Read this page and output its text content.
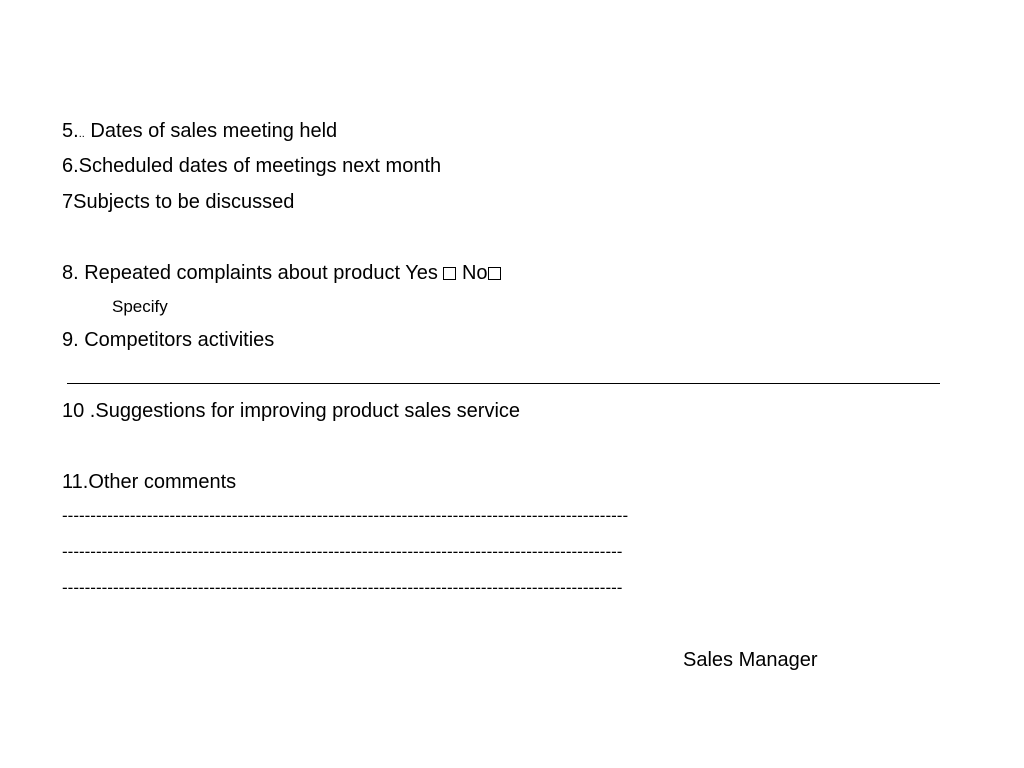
5... Dates of sales meeting held
6.Scheduled dates of meetings next month
7Subjects to be discussed
8. Repeated complaints about product Yes  No
Specify
9. Competitors activities
10 .Suggestions for improving product sales service
11.Other comments
----------------------------------------------------------------------------------------------------
---------------------------------------------------------------------------------------------------
---------------------------------------------------------------------------------------------------
Sales Manager
